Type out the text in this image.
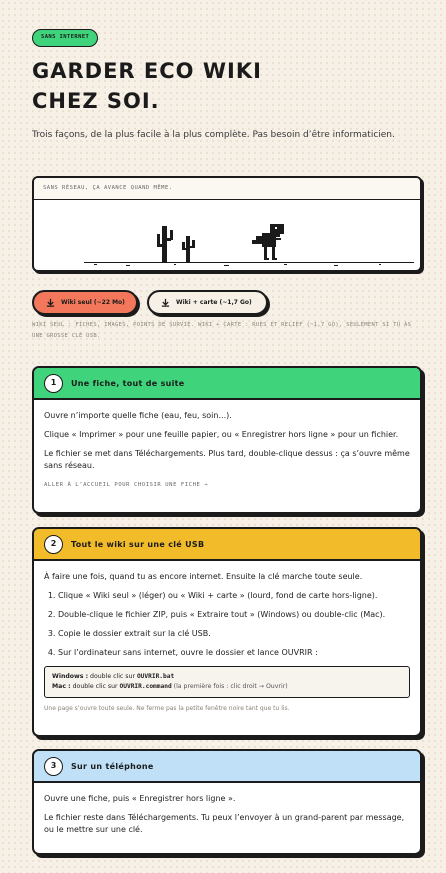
SANS INTERNET
GARDER ECO WIKI CHEZ SOI.

Trois façons, de la plus facile à la plus complète. Pas besoin d’être informaticien.

SANS RÉSEAU, ÇA AVANCE QUAND MÊME.
Wiki seul (~22 Mo)	Wiki + carte (~1,7 Go)

WIKI SEUL : FICHES, IMAGES, POINTS DE SURVIE. WIKI + CARTE : RUES ET RELIEF (~1,7 GO), SEULEMENT SI TU AS UNE GROSSE CLÉ USB.

1	Une fiche, tout de suite

Ouvre n’importe quelle fiche (eau, feu, soin...).

Clique « Imprimer » pour une feuille papier, ou « Enregistrer hors ligne » pour un fichier.

Le fichier se met dans Téléchargements. Plus tard, double-clique dessus : ça s’ouvre même sans réseau.

ALLER À L’ACCUEIL POUR CHOISIR UNE FICHE →
2	Tout le wiki sur une clé USB

À faire une fois, quand tu as encore internet. Ensuite la clé marche toute seule.

1. Clique « Wiki seul » (léger) ou « Wiki + carte » (lourd, fond de carte hors-ligne).
2. Double-clique le fichier ZIP, puis « Extraire tout » (Windows) ou double-clic (Mac).
3. Copie le dossier extrait sur la clé USB.
4. Sur l’ordinateur sans internet, ouvre le dossier et lance OUVRIR :
Windows : double clic sur OUVRIR.bat
Mac : double clic sur OUVRIR.command (la première fois : clic droit → Ouvrir)

Une page s’ouvre toute seule. Ne ferme pas la petite fenêtre noire tant que tu lis.

3	Sur un téléphone

Ouvre une fiche, puis « Enregistrer hors ligne ».

Le fichier reste dans Téléchargements. Tu peux l’envoyer à un grand-parent par message, ou le mettre sur une clé.
